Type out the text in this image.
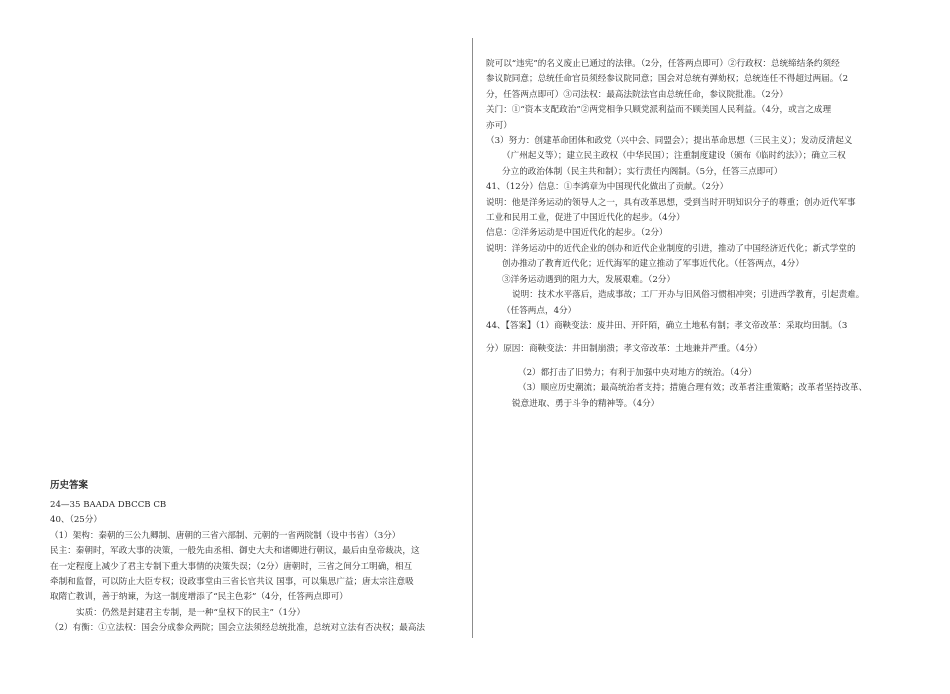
历史答案
24—35 BAADA DBCCB CB
40、（25分）
（1）架构：秦朝的三公九卿制、唐朝的三省六部制、元朝的一省两院制（设中书省）（3分）
民主：秦朝时，军政大事的决策，一般先由丞相、御史大夫和诸卿进行朝议，最后由皇帝裁决，这
在一定程度上减少了君主专制下重大事情的决策失误；（2分）唐朝时，三省之间分工明确，相互
牵制和监督，可以防止大臣专权；设政事堂由三省长官共议 国事，可以集思广益；唐太宗注意吸
取隋亡教训，善于纳谏，为这一制度增添了“民主色彩”（4分，任答两点即可）
实质：仍然是封建君主专制，是一种“皇权下的民主”（1分）
（2）有衡：①立法权：国会分成参众两院；国会立法须经总统批准，总统对立法有否决权；最高法
院可以“违宪”的名义废止已通过的法律。（2分，任答两点即可）②行政权：总统缔结条约须经
参议院同意；总统任命官员须经参议院同意；国会对总统有弹劾权；总统连任不得超过两届。（2
分，任答两点即可）③司法权：最高法院法官由总统任命，参议院批准。（2分）
关门：①“资本支配政治”②两党相争只顾党派利益而不顾美国人民利益。（4分，或言之成理
亦可）
（3）努力：创建革命团体和政党（兴中会、同盟会）；提出革命思想（三民主义）；发动反清起义
（广州起义等）；建立民主政权（中华民国）；注重制度建设（颁布《临时约法》）；确立三权
分立的政治体制（民主共和制）；实行责任内阁制。（5分，任答三点即可）
41、（12分）信息：①李鸿章为中国现代化做出了贡献。（2分）
说明：他是洋务运动的领导人之一，具有改革思想，受到当时开明知识分子的尊重；创办近代军事
工业和民用工业，促进了中国近代化的起步。（4分）
信息：②洋务运动是中国近代化的起步。（2分）
说明：洋务运动中的近代企业的创办和近代企业制度的引进，推动了中国经济近代化；新式学堂的
创办推动了教育近代化；近代海军的建立推动了军事近代化。（任答两点，4分）
③洋务运动遇到的阻力大，发展艰难。（2分）
说明：技术水平落后，造成事故；工厂开办与旧风俗习惯相冲突；引进西学教育，引起责难。
（任答两点，4分）
44、【答案】（1）商鞅变法：废井田、开阡陌，确立土地私有制；孝文帝改革：采取均田制。（3
分）原因：商鞅变法：井田制崩溃；孝文帝改革：土地兼并严重。（4分）
（2）都打击了旧势力；有利于加强中央对地方的统治。（4分）
（3）顺应历史潮流；最高统治者支持；措施合理有效；改革者注重策略；改革者坚持改革、
锐意进取、勇于斗争的精神等。（4分）
